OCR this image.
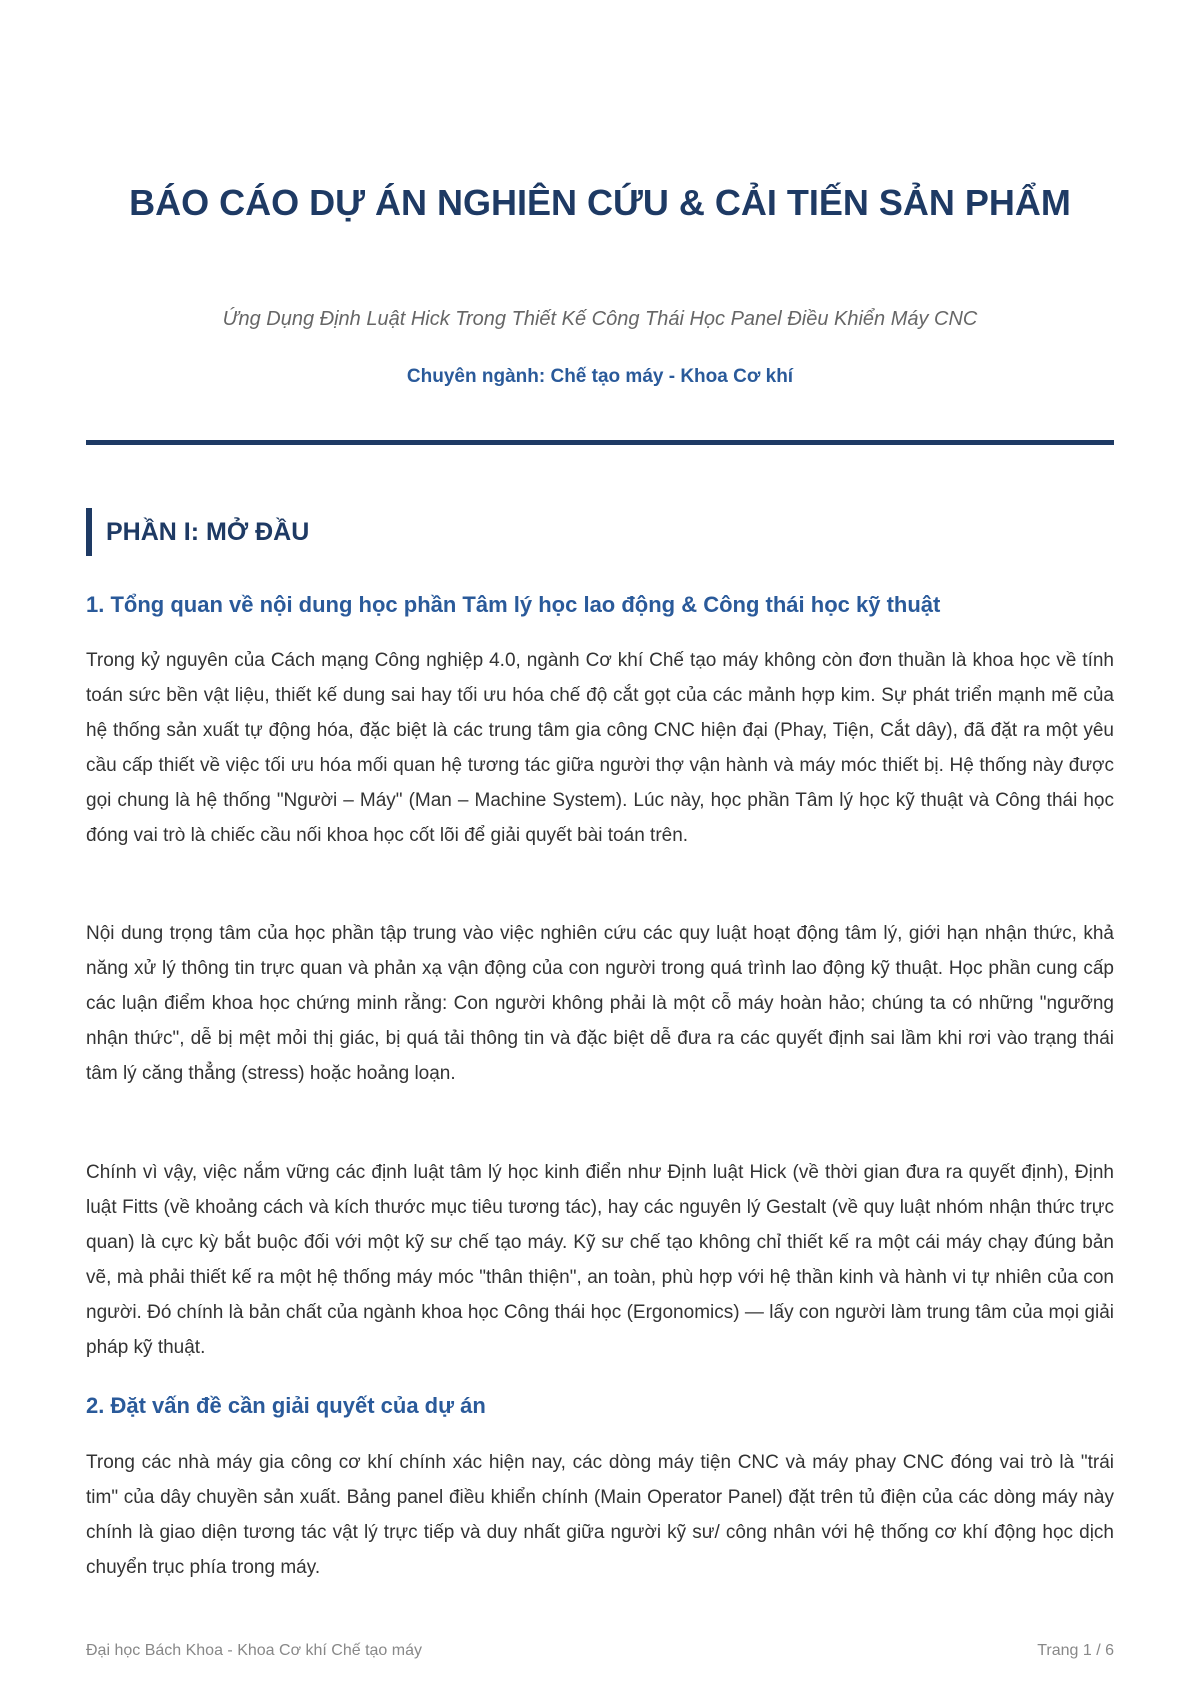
BÁO CÁO DỰ ÁN NGHIÊN CỨU & CẢI TIẾN SẢN PHẨM

Ứng Dụng Định Luật Hick Trong Thiết Kế Công Thái Học Panel Điều Khiển Máy CNC

Chuyên ngành: Chế tạo máy - Khoa Cơ khí

PHẦN I: MỞ ĐẦU
1. Tổng quan về nội dung học phần Tâm lý học lao động & Công thái học kỹ thuật

Trong kỷ nguyên của Cách mạng Công nghiệp 4.0, ngành Cơ khí Chế tạo máy không còn đơn thuần là khoa học về tính toán sức bền vật liệu, thiết kế dung sai hay tối ưu hóa chế độ cắt gọt của các mảnh hợp kim. Sự phát triển mạnh mẽ của hệ thống sản xuất tự động hóa, đặc biệt là các trung tâm gia công CNC hiện đại (Phay, Tiện, Cắt dây), đã đặt ra một yêu cầu cấp thiết về việc tối ưu hóa mối quan hệ tương tác giữa người thợ vận hành và máy móc thiết bị. Hệ thống này được gọi chung là hệ thống "Người – Máy" (Man – Machine System). Lúc này, học phần Tâm lý học kỹ thuật và Công thái học đóng vai trò là chiếc cầu nối khoa học cốt lõi để giải quyết bài toán trên.

Nội dung trọng tâm của học phần tập trung vào việc nghiên cứu các quy luật hoạt động tâm lý, giới hạn nhận thức, khả năng xử lý thông tin trực quan và phản xạ vận động của con người trong quá trình lao động kỹ thuật. Học phần cung cấp các luận điểm khoa học chứng minh rằng: Con người không phải là một cỗ máy hoàn hảo; chúng ta có những "ngưỡng nhận thức", dễ bị mệt mỏi thị giác, bị quá tải thông tin và đặc biệt dễ đưa ra các quyết định sai lầm khi rơi vào trạng thái tâm lý căng thẳng (stress) hoặc hoảng loạn.

Chính vì vậy, việc nắm vững các định luật tâm lý học kinh điển như Định luật Hick (về thời gian đưa ra quyết định), Định luật Fitts (về khoảng cách và kích thước mục tiêu tương tác), hay các nguyên lý Gestalt (về quy luật nhóm nhận thức trực quan) là cực kỳ bắt buộc đối với một kỹ sư chế tạo máy. Kỹ sư chế tạo không chỉ thiết kế ra một cái máy chạy đúng bản vẽ, mà phải thiết kế ra một hệ thống máy móc "thân thiện", an toàn, phù hợp với hệ thần kinh và hành vi tự nhiên của con người. Đó chính là bản chất của ngành khoa học Công thái học (Ergonomics) — lấy con người làm trung tâm của mọi giải pháp kỹ thuật.

2. Đặt vấn đề cần giải quyết của dự án

Trong các nhà máy gia công cơ khí chính xác hiện nay, các dòng máy tiện CNC và máy phay CNC đóng vai trò là "trái tim" của dây chuyền sản xuất. Bảng panel điều khiển chính (Main Operator Panel) đặt trên tủ điện của các dòng máy này chính là giao diện tương tác vật lý trực tiếp và duy nhất giữa người kỹ sư/ công nhân với hệ thống cơ khí động học dịch chuyển trục phía trong máy.

Đại học Bách Khoa - Khoa Cơ khí Chế tạo máy	Trang 1 / 6
